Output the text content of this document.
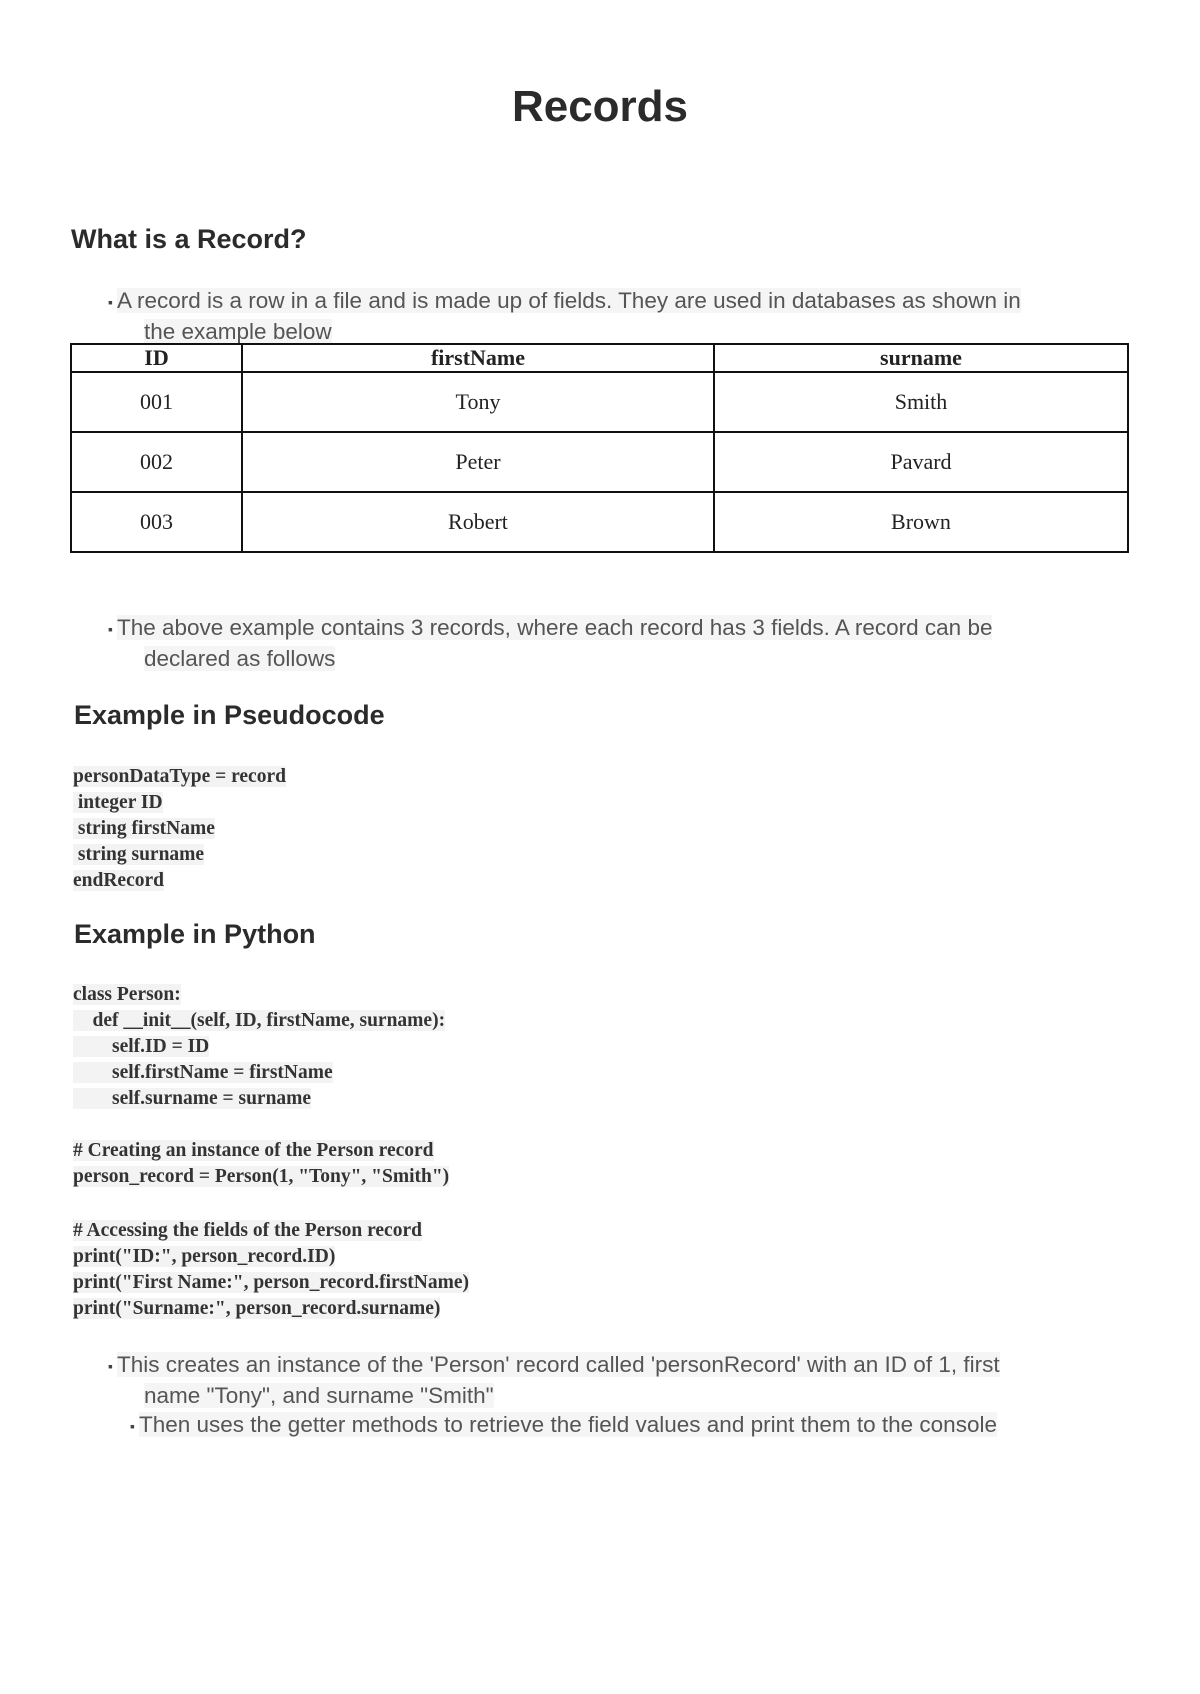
Records
What is a Record?

▪ A record is a row in a file and is made up of fields. They are used in databases as shown in
the example below

ID	firstName	surname
001	Tony	Smith
002	Peter	Pavard
003	Robert	Brown

▪ The above example contains 3 records, where each record has 3 fields. A record can be
declared as follows

Example in Pseudocode
personDataType = record
integer ID
string firstName
string surname
endRecord
Example in Python
class Person:
def __init__(self, ID, firstName, surname):
self.ID = ID
self.firstName = firstName
self.surname = surname
# Creating an instance of the Person record
person_record = Person(1, "Tony", "Smith")
# Accessing the fields of the Person record
print("ID:", person_record.ID)
print("First Name:", person_record.firstName)
print("Surname:", person_record.surname)

▪ This creates an instance of the 'Person' record called 'personRecord' with an ID of 1, first
name "Tony", and surname "Smith"

▪ Then uses the getter methods to retrieve the field values and print them to the console
